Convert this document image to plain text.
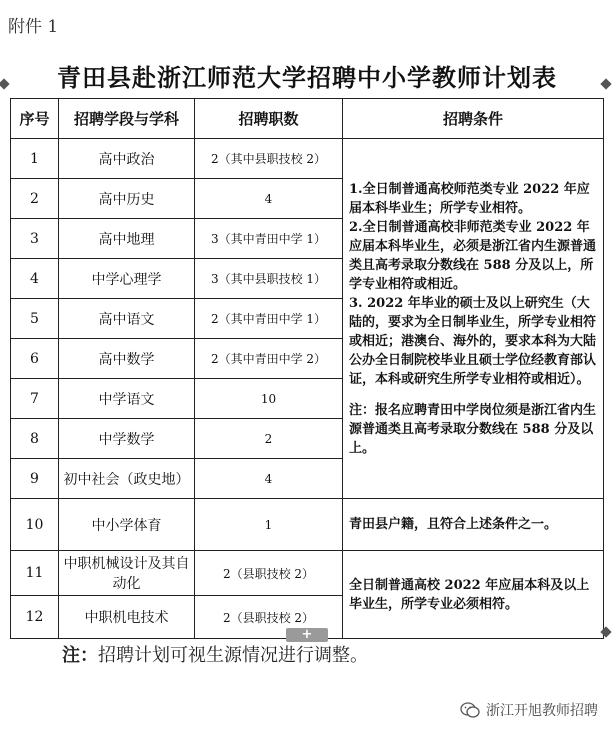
附件 1
青田县赴浙江师范大学招聘中小学教师计划表
序号	招聘学段与学科	招聘职数	招聘条件
1	高中政治	2（其中县职技校 2）	1.全日制普通高校师范类专业 2022 年应届本科毕业生；所学专业相符。
2.全日制普通高校非师范类专业 2022 年应届本科毕业生，必须是浙江省内生源普通类且高考录取分数线在 588 分及以上，所学专业相符或相近。
3. 2022 年毕业的硕士及以上研究生（大陆的，要求为全日制毕业生，所学专业相符或相近；港澳台、海外的，要求本科为大陆公办全日制院校毕业且硕士学位经教育部认证，本科或研究生所学专业相符或相近）。
注：报名应聘青田中学岗位须是浙江省内生源普通类且高考录取分数线在 588 分及以上。

2	高中历史	4	
3	高中地理	3（其中青田中学 1）	
4	中学心理学	3（其中县职技校 1）	
5	高中语文	2（其中青田中学 1）	
6	高中数学	2（其中青田中学 2）	
7	中学语文	10	
8	中学数学	2	
9	初中社会（政史地）	4	
10	中小学体育	1	青田县户籍，且符合上述条件之一。
11	中职机械设计及其自动化	2（县职技校 2）	全日制普通高校 2022 年应届本科及以上毕业生，所学专业必须相符。
12	中职机电技术	2（县职技校 2）	
+
注：招聘计划可视生源情况进行调整。
浙江开旭教师招聘
